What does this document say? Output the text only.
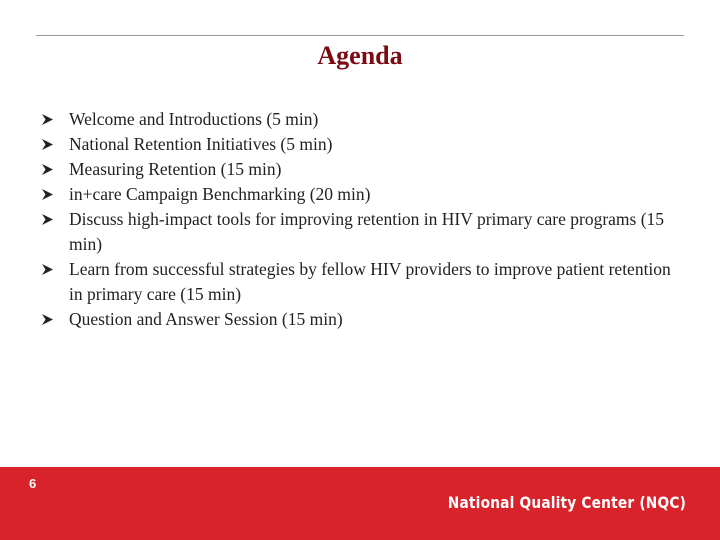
Agenda
Welcome and Introductions (5 min)
National Retention Initiatives (5 min)
Measuring Retention (15 min)
in+care Campaign Benchmarking (20 min)
Discuss high-impact tools for improving retention in HIV primary care programs (15 min)
Learn from successful strategies by fellow HIV providers to improve patient retention in primary care (15 min)
Question and Answer Session (15 min)
6
National Quality Center (NQC)
